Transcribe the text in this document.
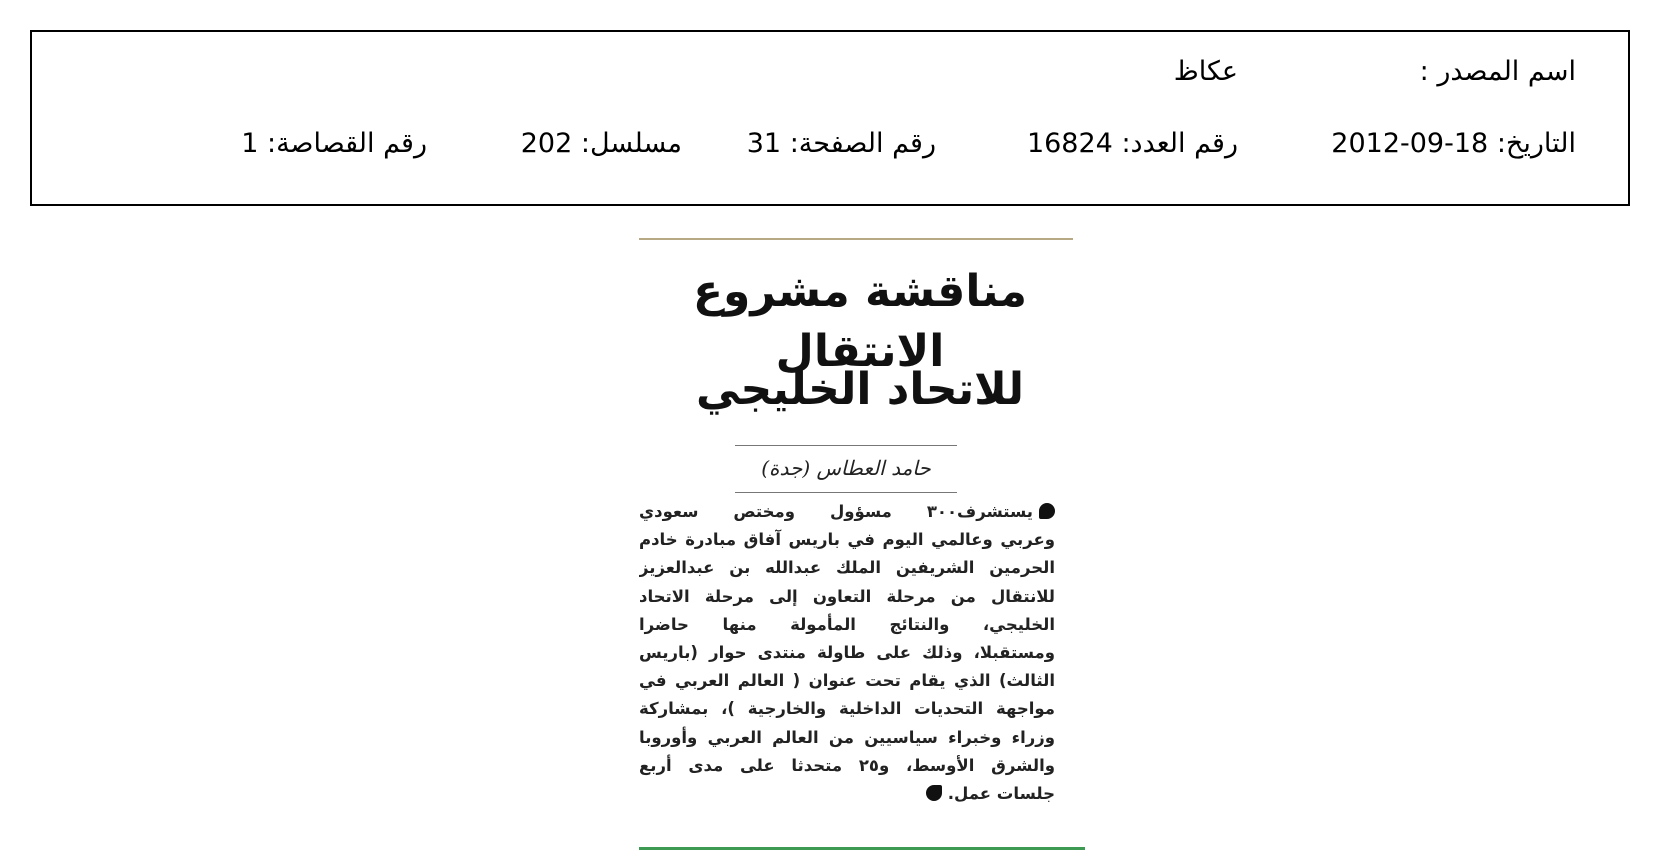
اسم المصدر :
عكاظ
التاريخ: 2012-09-18
رقم العدد: 16824
رقم الصفحة: 31
مسلسل: 202
رقم القصاصة: 1
مناقشة مشروع الانتقال
للاتحاد الخليجي
حامد العطاس (جدة)
يستشرف٣٠٠ مسؤول ومختص سعودي
وعربي وعالمي اليوم في باريس آفاق مبادرة خادم
الحرمين الشريفين الملك عبدالله بن عبدالعزيز
للانتقال من مرحلة التعاون إلى مرحلة الاتحاد
الخليجي، والنتائج المأمولة منها حاضرا
ومستقبلا، وذلك على طاولة منتدى حوار (باريس
الثالث) الذي يقام تحت عنوان ( العالم العربي في
مواجهة التحديات الداخلية والخارجية )، بمشاركة
وزراء وخبراء سياسيين من العالم العربي وأوروبا
والشرق الأوسط، و٢٥ متحدثا على مدى أربع
جلسات عمل.
